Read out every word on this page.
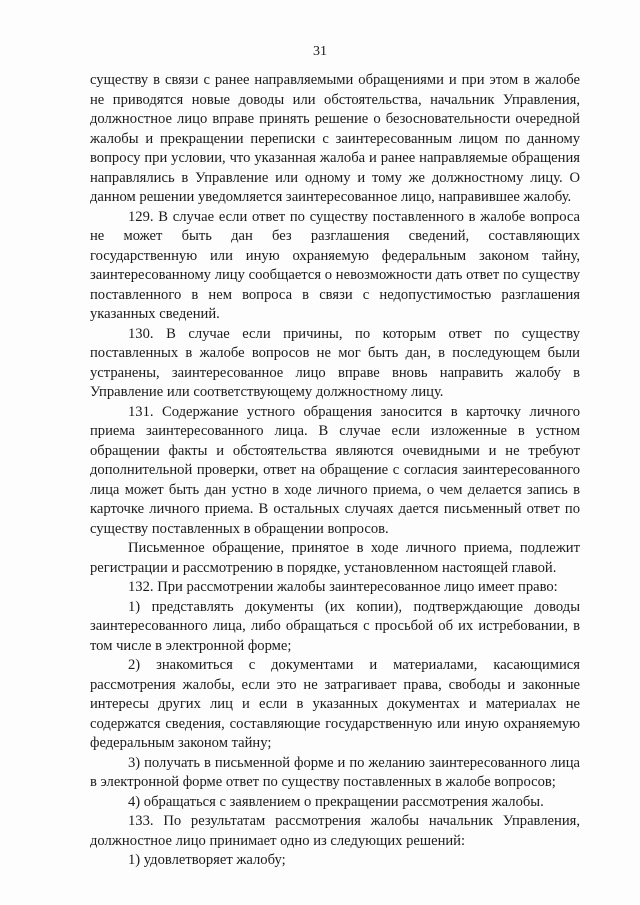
31

существу в связи с ранее направляемыми обращениями и при этом в жалобе не приводятся новые доводы или обстоятельства, начальник Управления, должностное лицо вправе принять решение о безосновательности очередной жалобы и прекращении переписки с заинтересованным лицом по данному вопросу при условии, что указанная жалоба и ранее направляемые обращения направлялись в Управление или одному и тому же должностному лицу. О данном решении уведомляется заинтересованное лицо, направившее жалобу.

129. В случае если ответ по существу поставленного в жалобе вопроса не может быть дан без разглашения сведений, составляющих государственную или иную охраняемую федеральным законом тайну, заинтересованному лицу сообщается о невозможности дать ответ по существу поставленного в нем вопроса в связи с недопустимостью разглашения указанных сведений.

130. В случае если причины, по которым ответ по существу поставленных в жалобе вопросов не мог быть дан, в последующем были устранены, заинтересованное лицо вправе вновь направить жалобу в Управление или соответствующему должностному лицу.

131. Содержание устного обращения заносится в карточку личного приема заинтересованного лица. В случае если изложенные в устном обращении факты и обстоятельства являются очевидными и не требуют дополнительной проверки, ответ на обращение с согласия заинтересованного лица может быть дан устно в ходе личного приема, о чем делается запись в карточке личного приема. В остальных случаях дается письменный ответ по существу поставленных в обращении вопросов.

Письменное обращение, принятое в ходе личного приема, подлежит регистрации и рассмотрению в порядке, установленном настоящей главой.

132. При рассмотрении жалобы заинтересованное лицо имеет право:

1) представлять документы (их копии), подтверждающие доводы заинтересованного лица, либо обращаться с просьбой об их истребовании, в том числе в электронной форме;

2) знакомиться с документами и материалами, касающимися рассмотрения жалобы, если это не затрагивает права, свободы и законные интересы других лиц и если в указанных документах и материалах не содержатся сведения, составляющие государственную или иную охраняемую федеральным законом тайну;

3) получать в письменной форме и по желанию заинтересованного лица в электронной форме ответ по существу поставленных в жалобе вопросов;

4) обращаться с заявлением о прекращении рассмотрения жалобы.

133. По результатам рассмотрения жалобы начальник Управления, должностное лицо принимает одно из следующих решений:

1) удовлетворяет жалобу;
